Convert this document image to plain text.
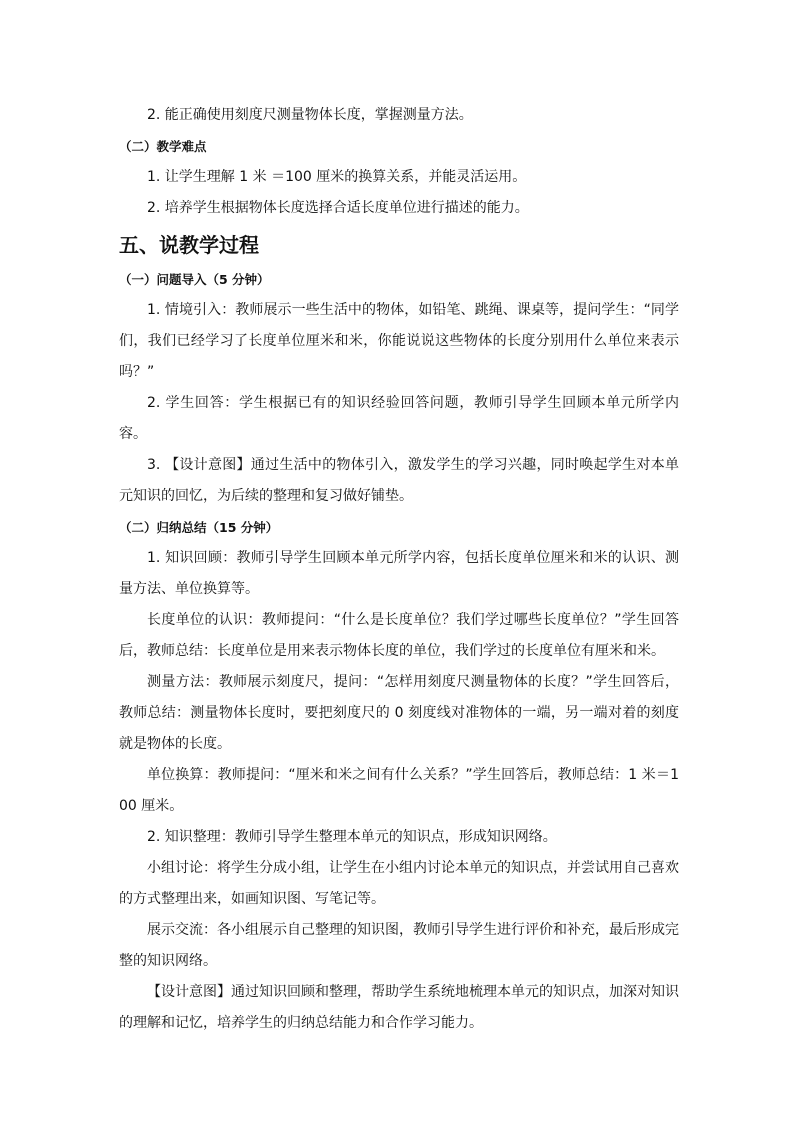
2. 能正确使用刻度尺测量物体长度，掌握测量方法。

（二）教学难点

1. 让学生理解 1 米 ＝100 厘米的换算关系，并能灵活运用。

2. 培养学生根据物体长度选择合适长度单位进行描述的能力。

五、说教学过程

（一）问题导入（5 分钟）

1. 情境引入：教师展示一些生活中的物体，如铅笔、跳绳、课桌等，提问学生：“同学们，我们已经学习了长度单位厘米和米，你能说说这些物体的长度分别用什么单位来表示吗？”

2. 学生回答：学生根据已有的知识经验回答问题，教师引导学生回顾本单元所学内容。

3. 【设计意图】通过生活中的物体引入，激发学生的学习兴趣，同时唤起学生对本单元知识的回忆，为后续的整理和复习做好铺垫。

（二）归纳总结（15 分钟）

1. 知识回顾：教师引导学生回顾本单元所学内容，包括长度单位厘米和米的认识、测量方法、单位换算等。

长度单位的认识：教师提问：“什么是长度单位？我们学过哪些长度单位？”学生回答后，教师总结：长度单位是用来表示物体长度的单位，我们学过的长度单位有厘米和米。

测量方法：教师展示刻度尺，提问：“怎样用刻度尺测量物体的长度？”学生回答后，教师总结：测量物体长度时，要把刻度尺的 0 刻度线对准物体的一端，另一端对着的刻度就是物体的长度。

单位换算：教师提问：“厘米和米之间有什么关系？”学生回答后，教师总结：1 米＝100 厘米。

2. 知识整理：教师引导学生整理本单元的知识点，形成知识网络。

小组讨论：将学生分成小组，让学生在小组内讨论本单元的知识点，并尝试用自己喜欢的方式整理出来，如画知识图、写笔记等。

展示交流：各小组展示自己整理的知识图，教师引导学生进行评价和补充，最后形成完整的知识网络。

【设计意图】通过知识回顾和整理，帮助学生系统地梳理本单元的知识点，加深对知识的理解和记忆，培养学生的归纳总结能力和合作学习能力。
